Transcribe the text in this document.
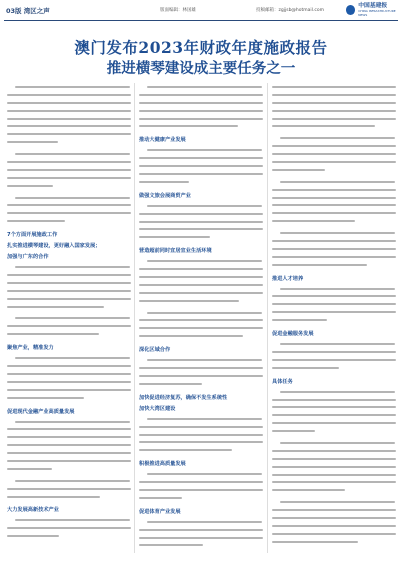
03版 湾区之声	版面编辑：林国雄	投稿邮箱：zgjjsb@hotmail.com
中国基建报
CHINA INFRASTRUCTURE NEWS
澳门发布2023年财政年度施政报告
推进横琴建设成主要任务之一
7个方面开展施政工作
扎实推进横琴建设，更好融入国家发展；
加强与广东的合作
聚焦产业，精准发力
促进现代金融产业高质量发展
大力发展高新技术产业
推动大健康产业发展
做强文旅会展商贸产业
营造超前同时宜居宜业生活环境
深化区域合作
加快促进经济复苏，确保不发生系统性
加快大湾区建设
积极推进高质量发展
促进体育产业发展
推进人才培养
促进金融服务发展
具体任务
